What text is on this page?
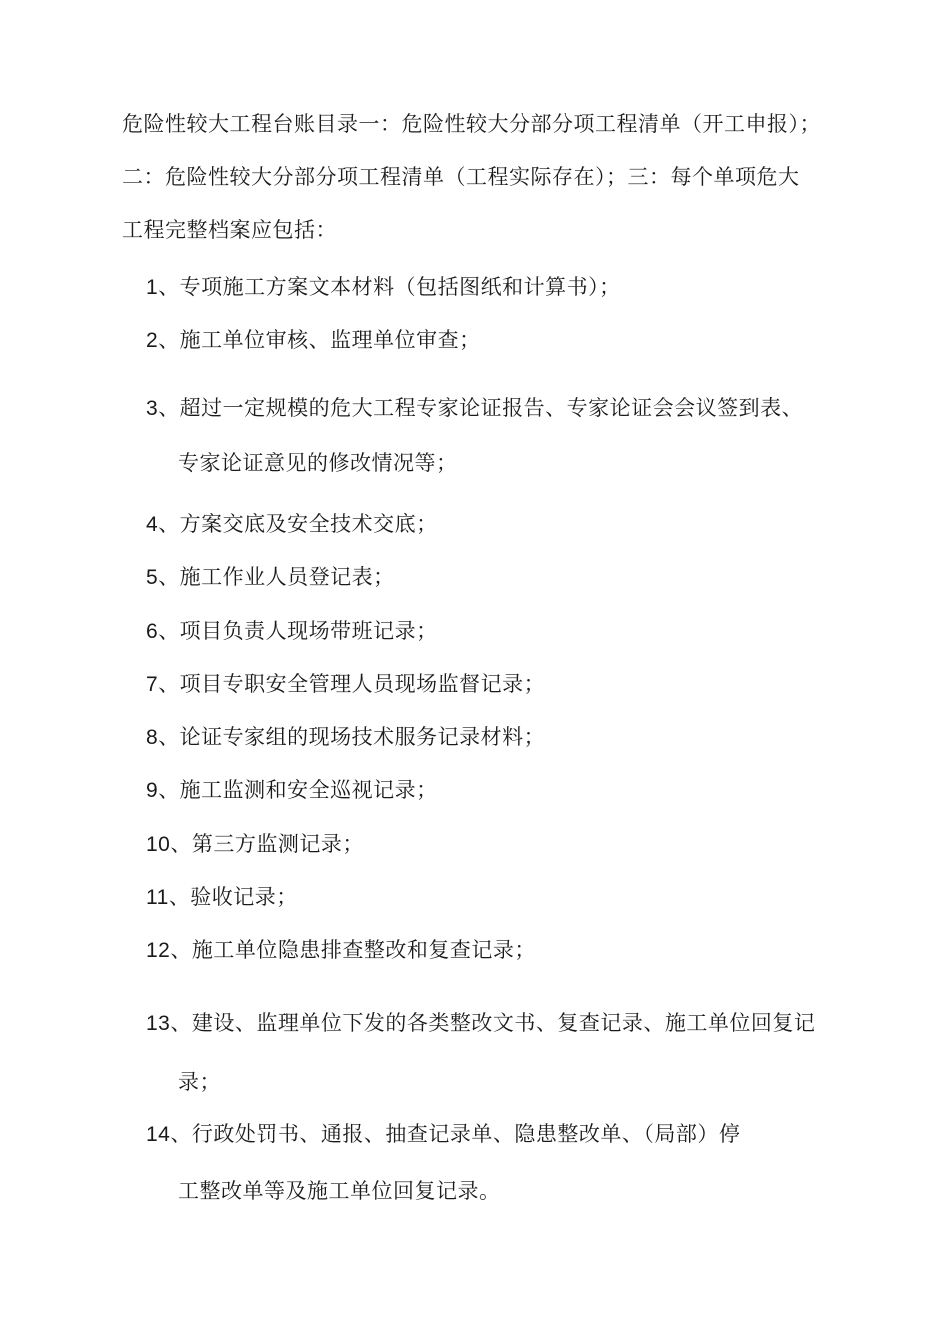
危险性较大工程台账目录一：危险性较大分部分项工程清单（开工申报）；
二：危险性较大分部分项工程清单（工程实际存在）；三：每个单项危大
工程完整档案应包括：
1、专项施工方案文本材料（包括图纸和计算书）；
2、施工单位审核、监理单位审查；
3、超过一定规模的危大工程专家论证报告、专家论证会会议签到表、
专家论证意见的修改情况等；
4、方案交底及安全技术交底；
5、施工作业人员登记表；
6、项目负责人现场带班记录；
7、项目专职安全管理人员现场监督记录；
8、论证专家组的现场技术服务记录材料；
9、施工监测和安全巡视记录；
10、第三方监测记录；
11、验收记录；
12、施工单位隐患排查整改和复查记录；
13、建设、监理单位下发的各类整改文书、复查记录、施工单位回复记
录；
14、行政处罚书、通报、抽查记录单、隐患整改单、（局部）停
工整改单等及施工单位回复记录。
